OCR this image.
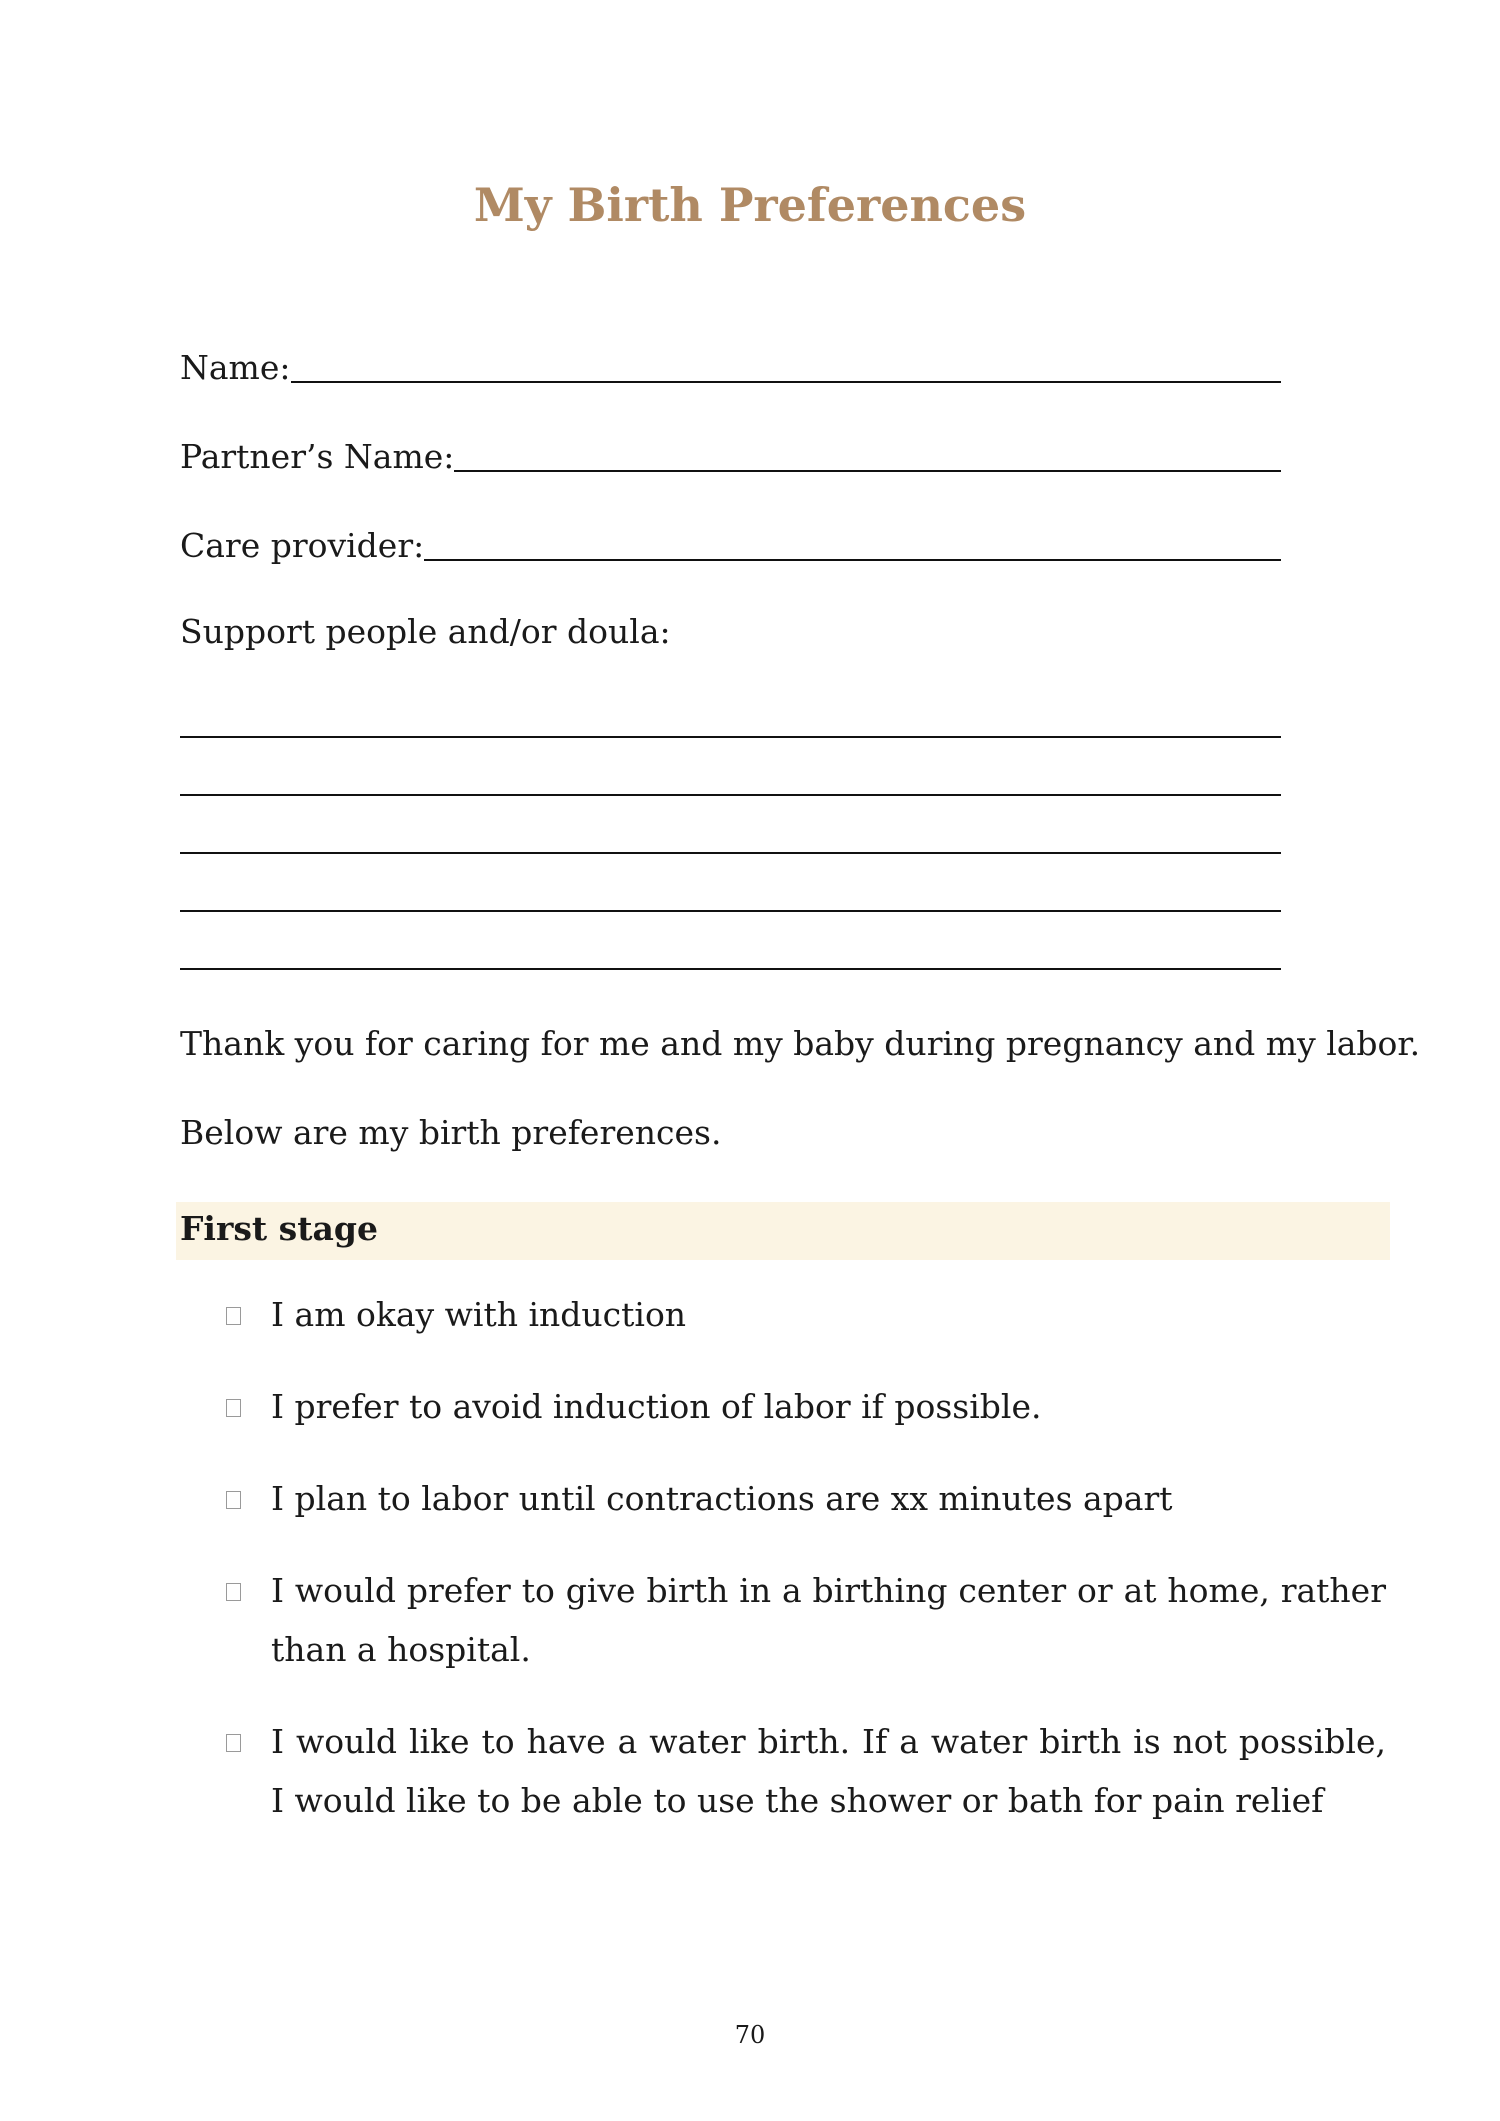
My Birth Preferences
Name:
Partner’s Name:
Care provider:
Support people and/or doula:
Thank you for caring for me and my baby during pregnancy and my labor.
Below are my birth preferences.
First stage
I am okay with induction
I prefer to avoid induction of labor if possible.
I plan to labor until contractions are xx minutes apart
I would prefer to give birth in a birthing center or at home, rather than a hospital.
I would like to have a water birth. If a water birth is not possible, I would like to be able to use the shower or bath for pain relief
70
